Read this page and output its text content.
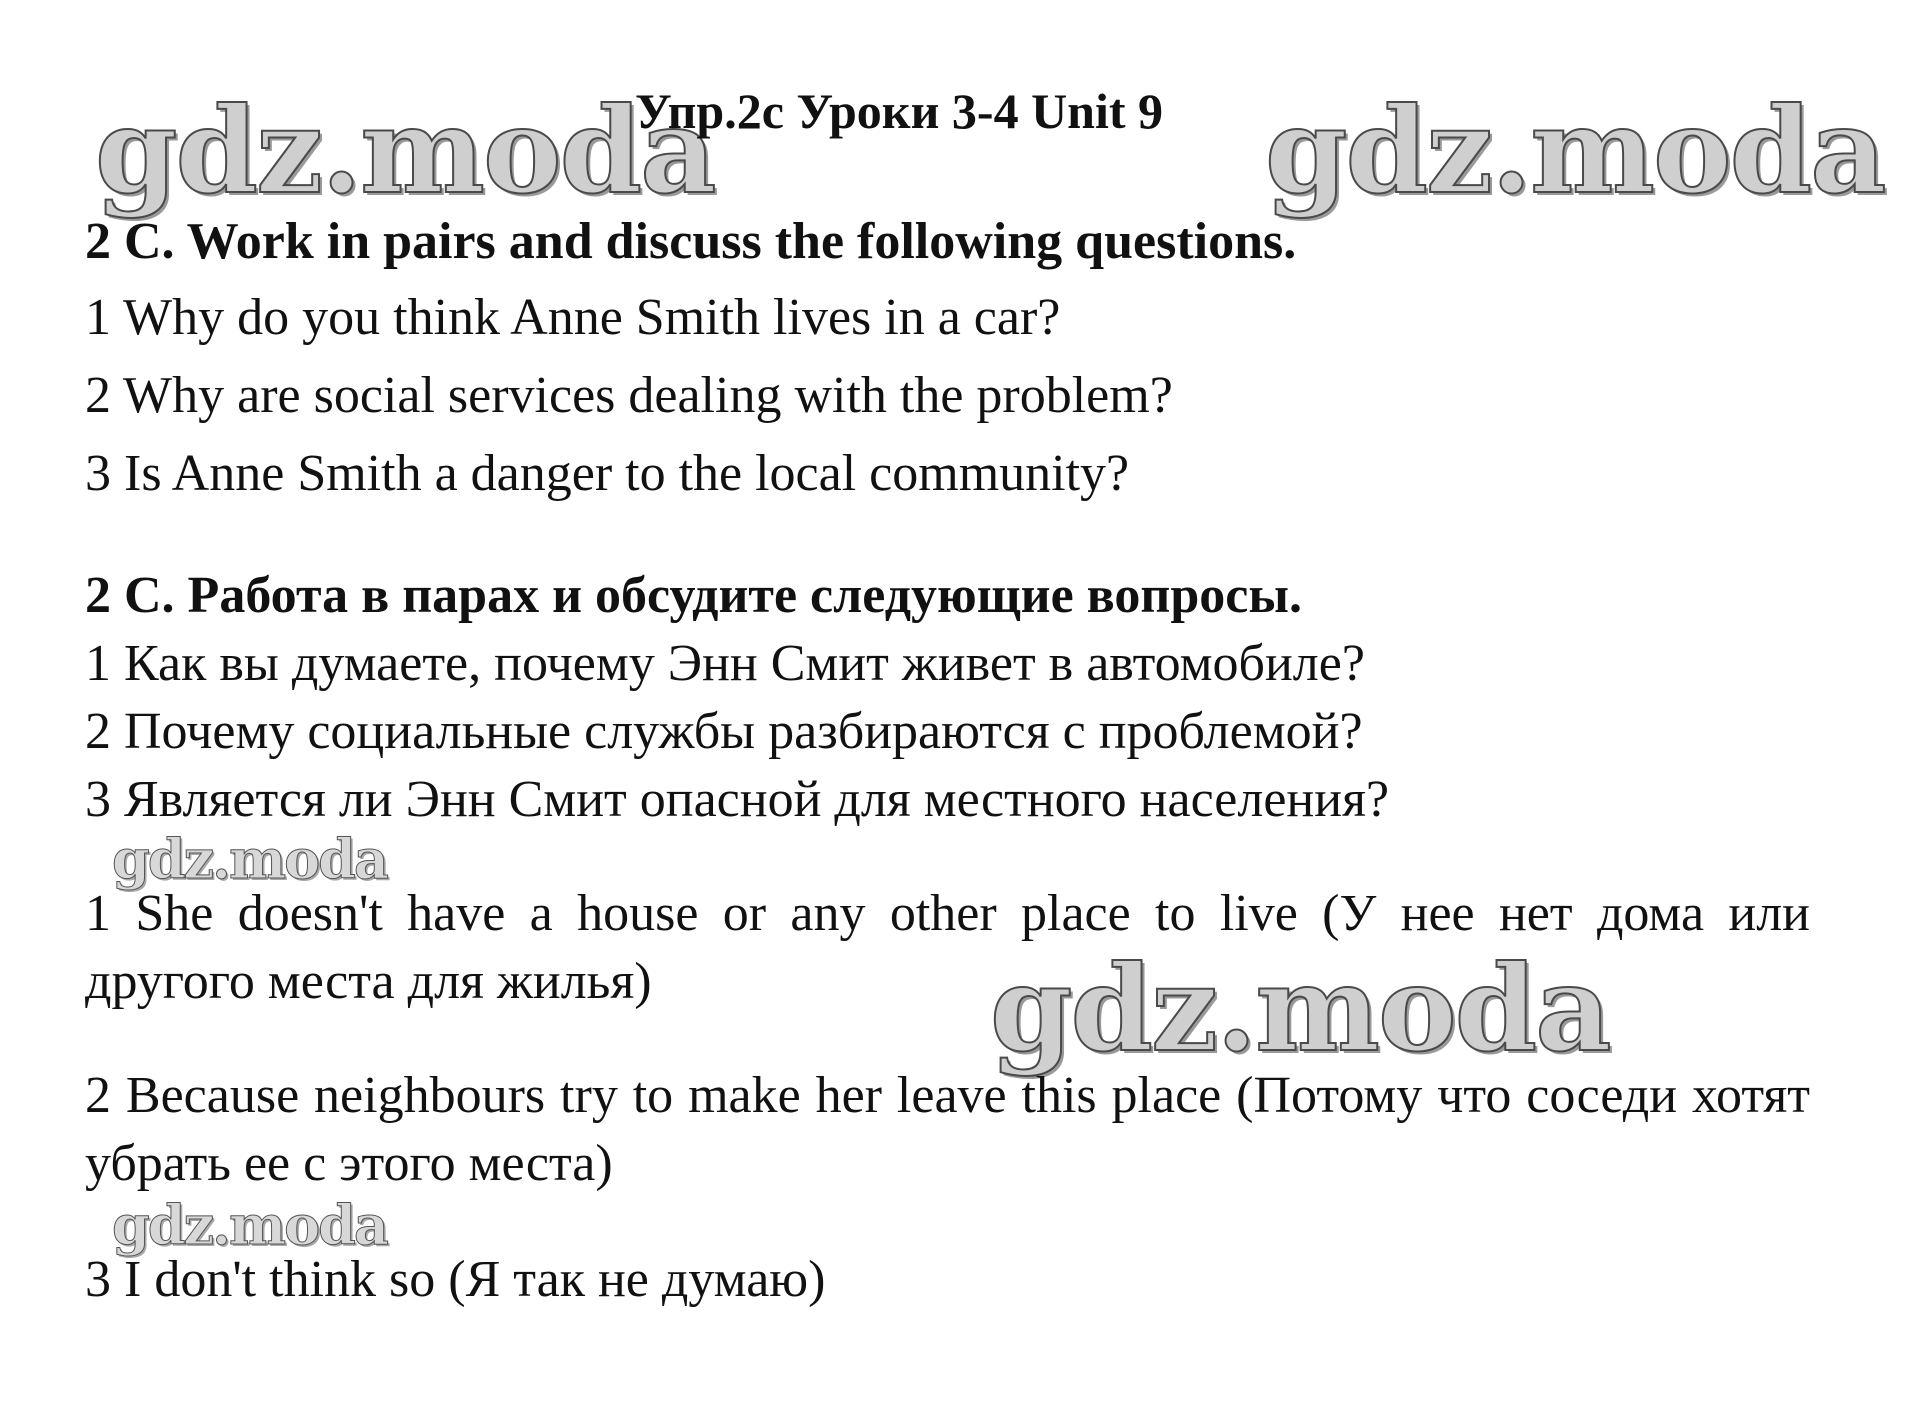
gdz.moda	gdz.moda
gdz.moda
gdz.moda
gdz.moda
Упр.2c Уроки 3-4 Unit 9
2 C. Work in pairs and discuss the following questions.
1 Why do you think Anne Smith lives in a car?
2 Why are social services dealing with the problem?
3 Is Anne Smith a danger to the local community?
2 С. Работа в парах и обсудите следующие вопросы.
1 Как вы думаете, почему Энн Смит живет в автомобиле?
2 Почему социальные службы разбираются с проблемой?
3 Является ли Энн Смит опасной для местного населения?
1 She doesn't have a house or any other place to live (У нее нет дома или другого места для жилья)
2 Because neighbours try to make her leave this place (Потому что соседи хотят убрать ее с этого места)
3 I don't think so (Я так не думаю)
